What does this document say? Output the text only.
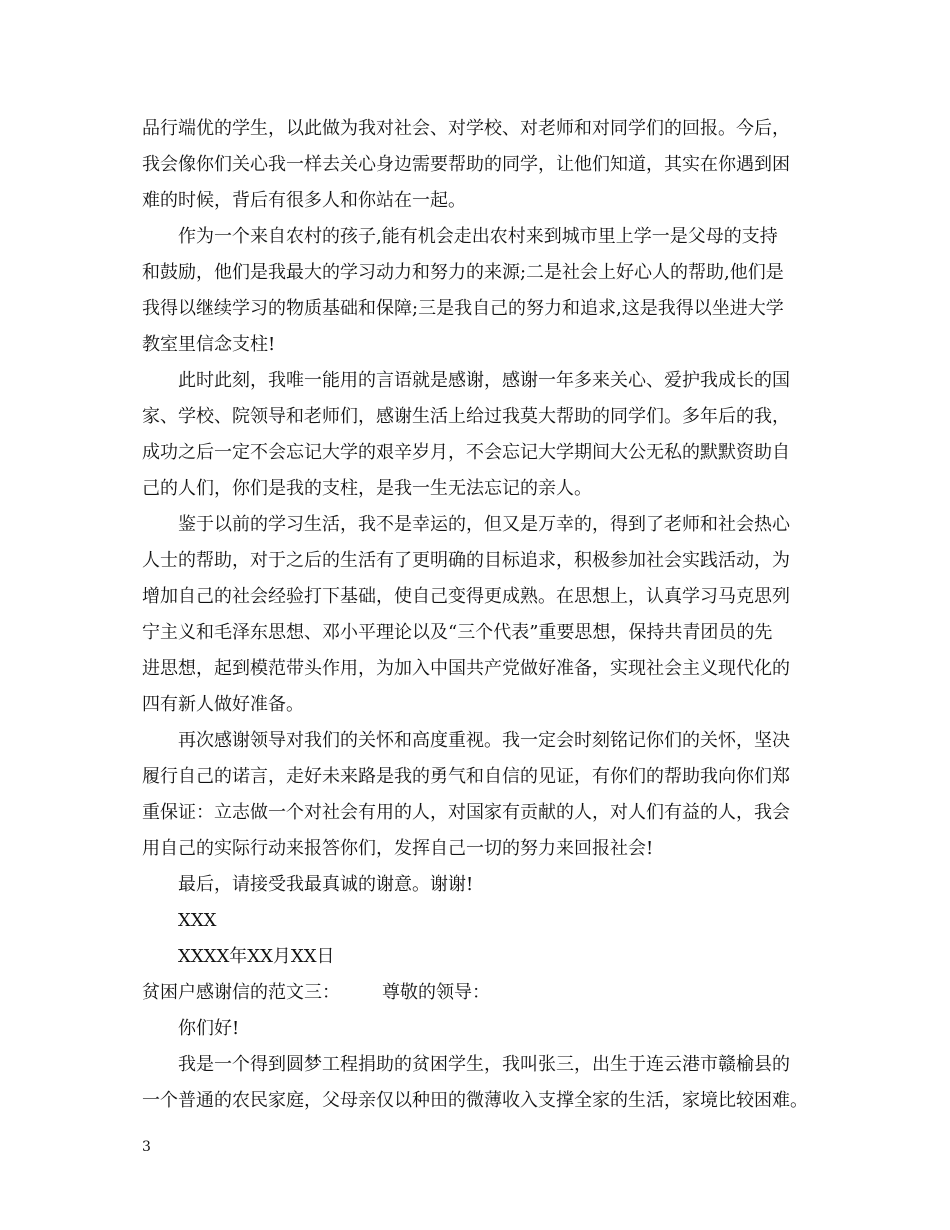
品行端优的学生，以此做为我对社会、对学校、对老师和对同学们的回报。今后，
我会像你们关心我一样去关心身边需要帮助的同学，让他们知道，其实在你遇到困
难的时候，背后有很多人和你站在一起。
作为一个来自农村的孩子,能有机会走出农村来到城市里上学一是父母的支持
和鼓励，他们是我最大的学习动力和努力的来源;二是社会上好心人的帮助,他们是
我得以继续学习的物质基础和保障;三是我自己的努力和追求,这是我得以坐进大学
教室里信念支柱!
此时此刻，我唯一能用的言语就是感谢，感谢一年多来关心、爱护我成长的国
家、学校、院领导和老师们，感谢生活上给过我莫大帮助的同学们。多年后的我，
成功之后一定不会忘记大学的艰辛岁月，不会忘记大学期间大公无私的默默资助自
己的人们，你们是我的支柱，是我一生无法忘记的亲人。
鉴于以前的学习生活，我不是幸运的，但又是万幸的，得到了老师和社会热心
人士的帮助，对于之后的生活有了更明确的目标追求，积极参加社会实践活动，为
增加自己的社会经验打下基础，使自己变得更成熟。在思想上，认真学习马克思列
宁主义和毛泽东思想、邓小平理论以及“三个代表”重要思想，保持共青团员的先
进思想，起到模范带头作用，为加入中国共产党做好准备，实现社会主义现代化的
四有新人做好准备。
再次感谢领导对我们的关怀和高度重视。我一定会时刻铭记你们的关怀，坚决
履行自己的诺言，走好未来路是我的勇气和自信的见证，有你们的帮助我向你们郑
重保证：立志做一个对社会有用的人，对国家有贡献的人，对人们有益的人，我会
用自己的实际行动来报答你们，发挥自己一切的努力来回报社会!
最后，请接受我最真诚的谢意。谢谢!
XXX
XXXX年XX月XX日
贫困户感谢信的范文三：	尊敬的领导：
你们好!
我是一个得到圆梦工程捐助的贫困学生，我叫张三，出生于连云港市赣榆县的
一个普通的农民家庭，父母亲仅以种田的微薄收入支撑全家的生活，家境比较困难。
3
